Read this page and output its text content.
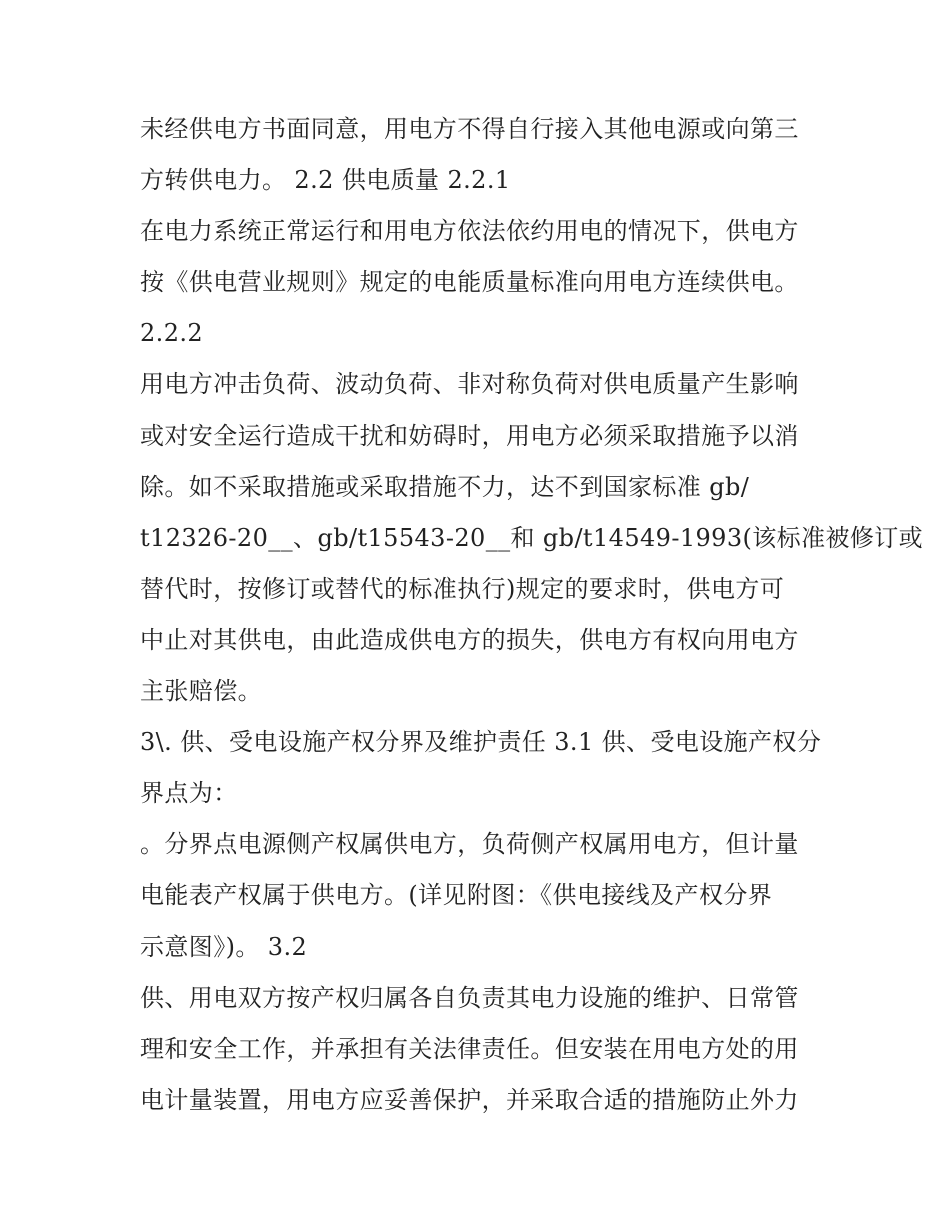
未经供电方书面同意，用电方不得自行接入其他电源或向第三
方转供电力。 2.2 供电质量 2.2.1
在电力系统正常运行和用电方依法依约用电的情况下，供电方
按《供电营业规则》规定的电能质量标准向用电方连续供电。
2.2.2
用电方冲击负荷、波动负荷、非对称负荷对供电质量产生影响
或对安全运行造成干扰和妨碍时，用电方必须采取措施予以消
除。如不采取措施或采取措施不力，达不到国家标准 gb/
t12326-20__、gb/t15543-20__和 gb/t14549-1993(该标准被修订或
替代时，按修订或替代的标准执行)规定的要求时，供电方可
中止对其供电，由此造成供电方的损失，供电方有权向用电方
主张赔偿。
3\. 供、受电设施产权分界及维护责任 3.1 供、受电设施产权分
界点为：
。分界点电源侧产权属供电方，负荷侧产权属用电方，但计量
电能表产权属于供电方。(详见附图：《供电接线及产权分界
示意图》)。 3.2
供、用电双方按产权归属各自负责其电力设施的维护、日常管
理和安全工作，并承担有关法律责任。但安装在用电方处的用
电计量装置，用电方应妥善保护，并采取合适的措施防止外力
